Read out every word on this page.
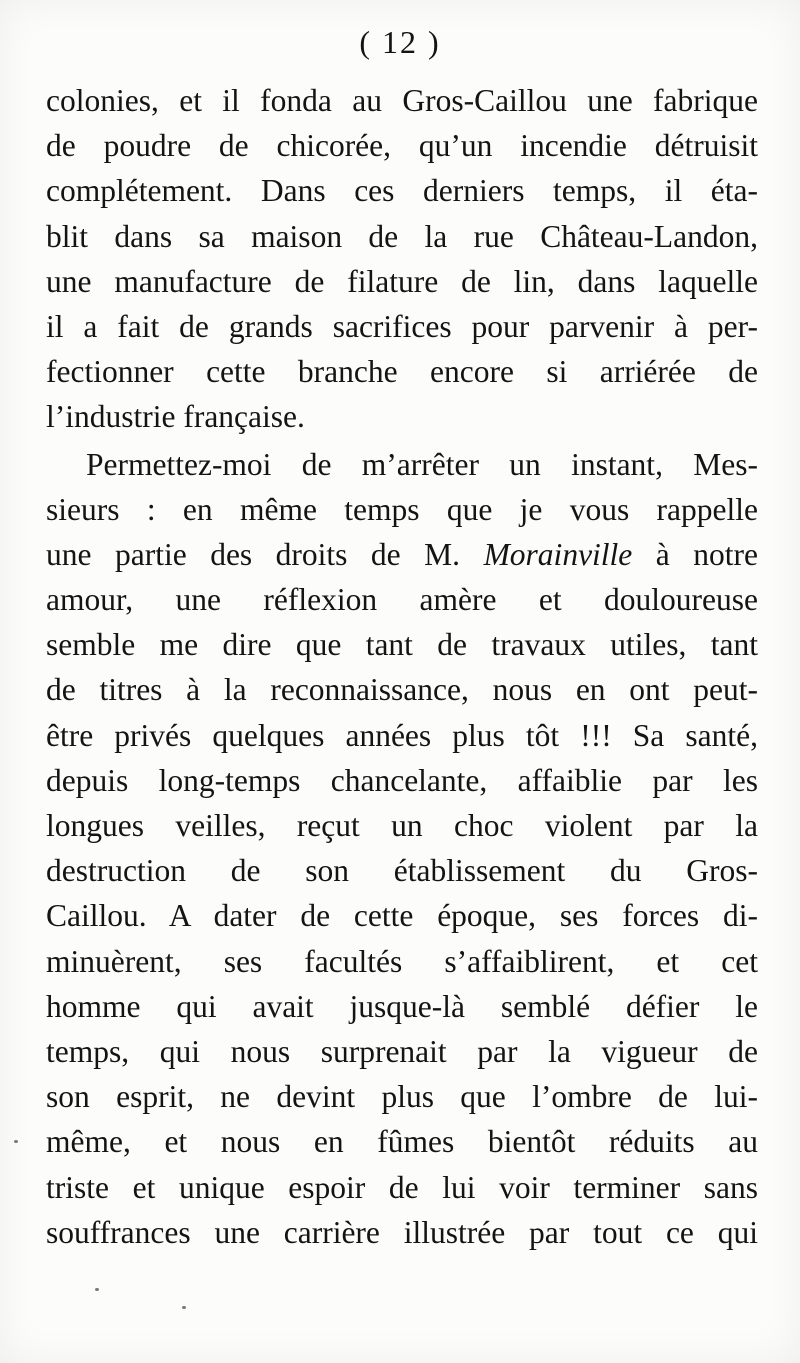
( 12 )
colonies, et il fonda au Gros-Caillou une fabrique
de poudre de chicorée, qu’un incendie détruisit
complétement. Dans ces derniers temps, il éta-
blit dans sa maison de la rue Château-Landon,
une manufacture de filature de lin, dans laquelle
il a fait de grands sacrifices pour parvenir à per-
fectionner cette branche encore si arriérée de
l’industrie française.
Permettez-moi de m’arrêter un instant, Mes-
sieurs : en même temps que je vous rappelle
une partie des droits de M. Morainville à notre
amour, une réflexion amère et douloureuse
semble me dire que tant de travaux utiles, tant
de titres à la reconnaissance, nous en ont peut-
être privés quelques années plus tôt !!! Sa santé,
depuis long-temps chancelante, affaiblie par les
longues veilles, reçut un choc violent par la
destruction de son établissement du Gros-
Caillou. A dater de cette époque, ses forces di-
minuèrent, ses facultés s’affaiblirent, et cet
homme qui avait jusque-là semblé défier le
temps, qui nous surprenait par la vigueur de
son esprit, ne devint plus que l’ombre de lui-
même, et nous en fûmes bientôt réduits au
triste et unique espoir de lui voir terminer sans
souffrances une carrière illustrée par tout ce qui
